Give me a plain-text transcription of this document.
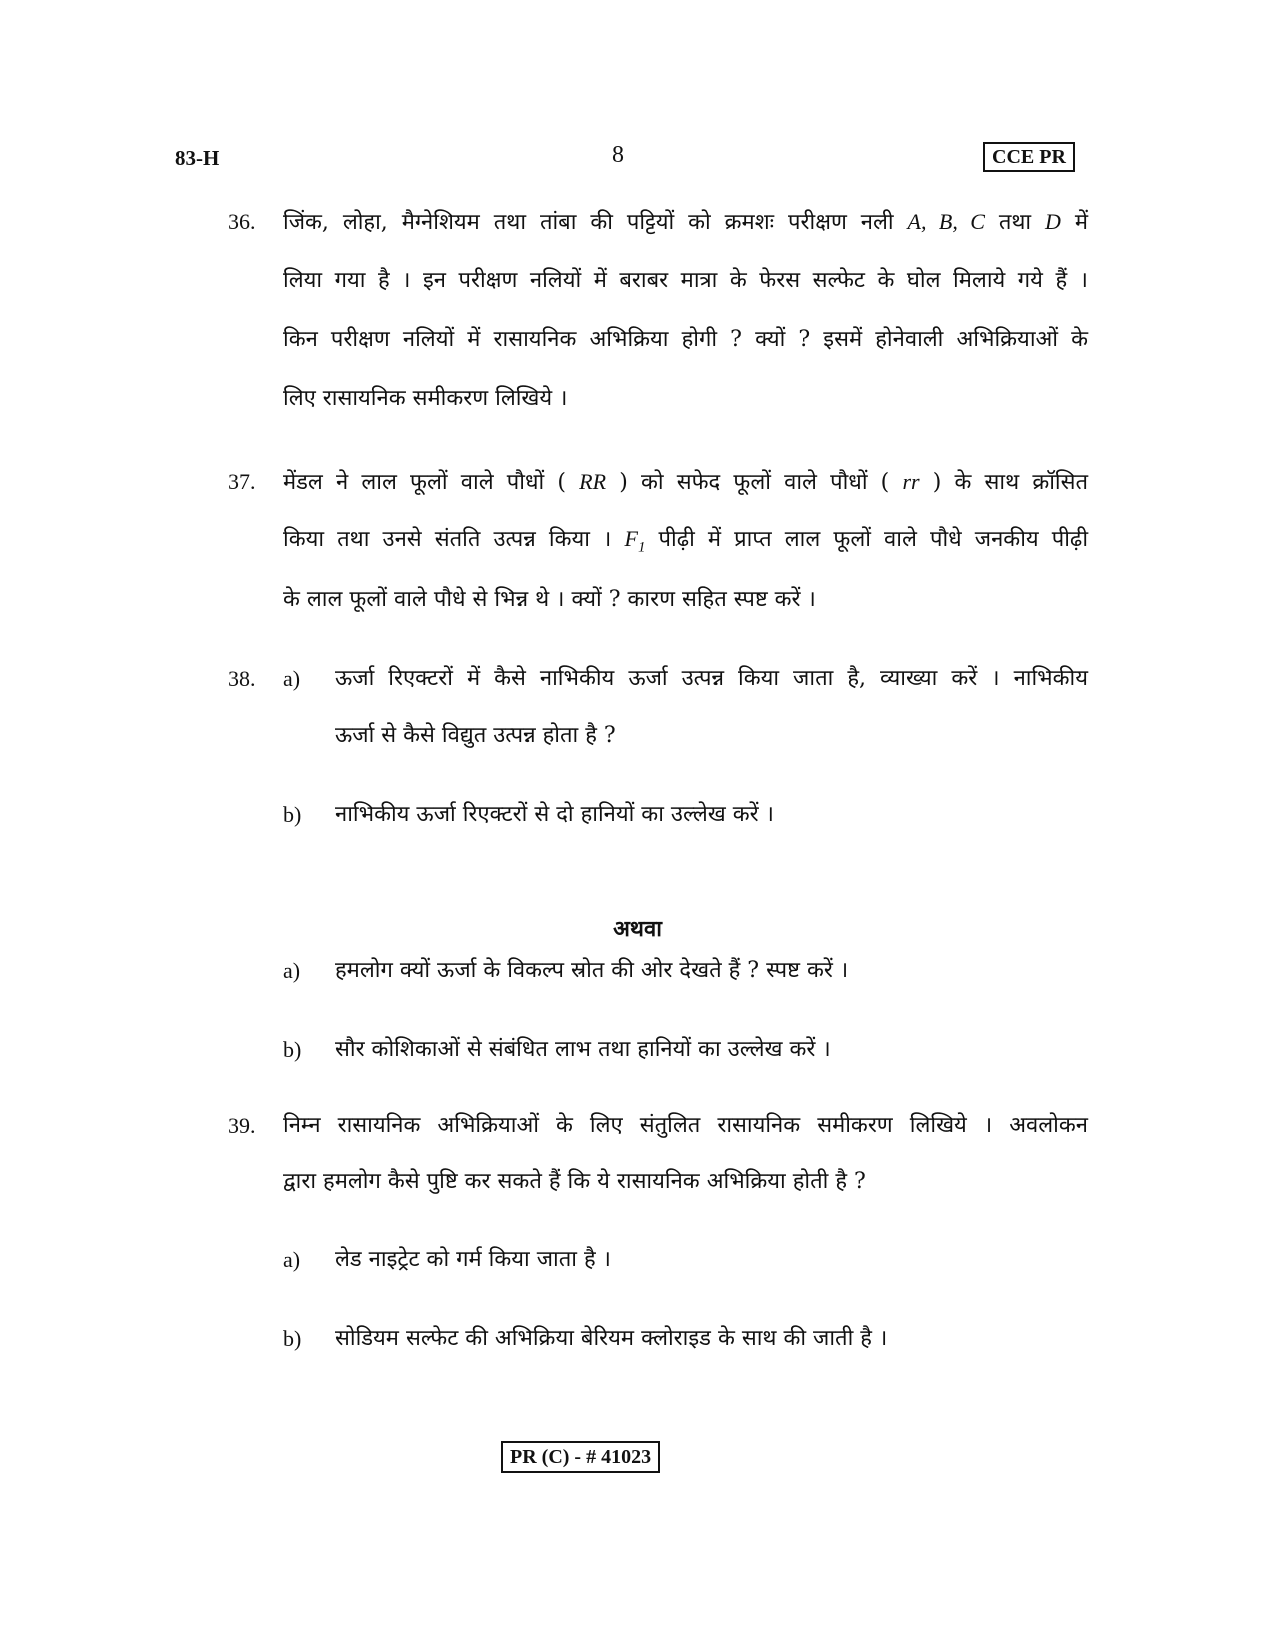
83-H	8	CCE PR
36. जिंक, लोहा, मैग्नेशियम तथा तांबा की पट्टियों को क्रमशः परीक्षण नली A, B, C तथा D में
लिया गया है । इन परीक्षण नलियों में बराबर मात्रा के फेरस सल्फेट के घोल मिलाये गये हैं ।
किन परीक्षण नलियों में रासायनिक अभिक्रिया होगी ? क्यों ? इसमें होनेवाली अभिक्रियाओं के
लिए रासायनिक समीकरण लिखिये ।
37. मेंडल ने लाल फूलों वाले पौधों ( RR ) को सफेद फूलों वाले पौधों ( rr ) के साथ क्रॉसित
किया तथा उनसे संतति उत्पन्न किया । $F_1$ पीढ़ी में प्राप्त लाल फूलों वाले पौधे जनकीय पीढ़ी
के लाल फूलों वाले पौधे से भिन्न थे । क्यों ? कारण सहित स्पष्ट करें ।
38. a) ऊर्जा रिएक्टरों में कैसे नाभिकीय ऊर्जा उत्पन्न किया जाता है, व्याख्या करें । नाभिकीय
ऊर्जा से कैसे विद्युत उत्पन्न होता है ?
b) नाभिकीय ऊर्जा रिएक्टरों से दो हानियों का उल्लेख करें ।
अथवा
a) हमलोग क्यों ऊर्जा के विकल्प स्रोत की ओर देखते हैं ? स्पष्ट करें ।
b) सौर कोशिकाओं से संबंधित लाभ तथा हानियों का उल्लेख करें ।
39. निम्न रासायनिक अभिक्रियाओं के लिए संतुलित रासायनिक समीकरण लिखिये । अवलोकन
द्वारा हमलोग कैसे पुष्टि कर सकते हैं कि ये रासायनिक अभिक्रिया होती है ?
a) लेड नाइट्रेट को गर्म किया जाता है ।
b) सोडियम सल्फेट की अभिक्रिया बेरियम क्लोराइड के साथ की जाती है ।
PR (C) - # 41023
